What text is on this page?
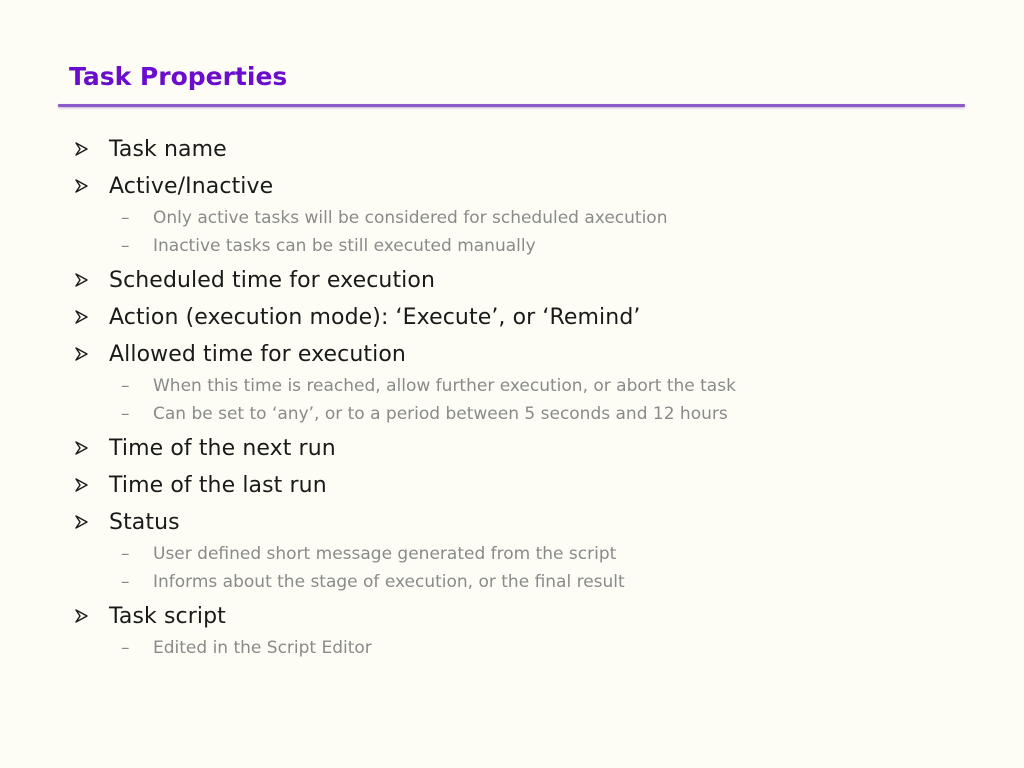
Task Properties
Task name
Active/Inactive
–	Only active tasks will be considered for scheduled axecution
–	Inactive tasks can be still executed manually
Scheduled time for execution
Action (execution mode): ‘Execute’, or ‘Remind’
Allowed time for execution
–	When this time is reached, allow further execution, or abort the task
–	Can be set to ‘any’, or to a period between 5 seconds and 12 hours
Time of the next run
Time of the last run
Status
–	User defined short message generated from the script
–	Informs about the stage of execution, or the final result
Task script
–	Edited in the Script Editor
